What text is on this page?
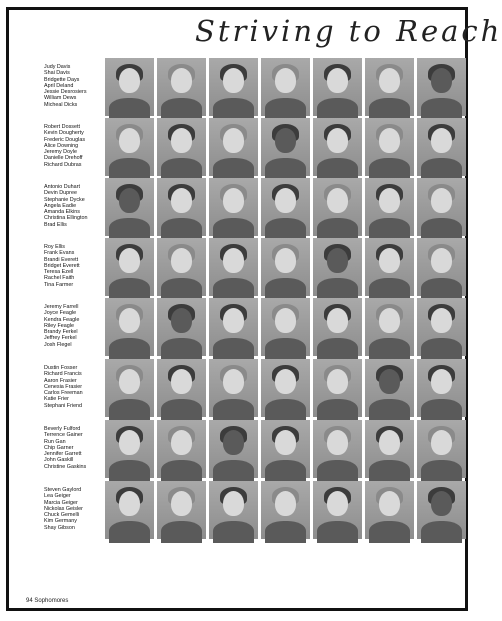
Striving to Reach
Judy Davis
Shai Davis
Bridgette Days
April Deland
Jessie Desrosiers
William Dews
Micheal Dicks
Robert Dossett
Kevin Dougherty
Frederic Douglas
Alice Downing
Jeremy Doyle
Danielle Drehoff
Richard Dubras
Antonio Duhart
Devin Dupree
Stephanie Dycke
Angela Eadie
Amanda Elkins
Christina Ellington
Brad Ellis
Roy Ellis
Frank Evans
Brandi Everett
Bridget Everett
Teresa Ezell
Rachel Faith
Tina Farmer
Jeremy Farrell
Joyce Feagle
Kendra Feagle
Riley Feagle
Brandy Ferkel
Jeffrey Ferkel
Josh Flegel
Dustin Fosser
Richard Francis
Aaron Frasier
Cenesia Frasier
Carlos Freeman
Katie Frier
Stephani Friend
Beverly Fulford
Terrence Gainer
Run Gan
Chip Garner
Jennifer Garrett
John Gaskill
Christine Gaskins
Steven Gaylord
Lea Geiger
Marcia Geiger
Nickolas Geisler
Chuck Gemelli
Kim Germany
Shay Gibson
94 Sophomores
